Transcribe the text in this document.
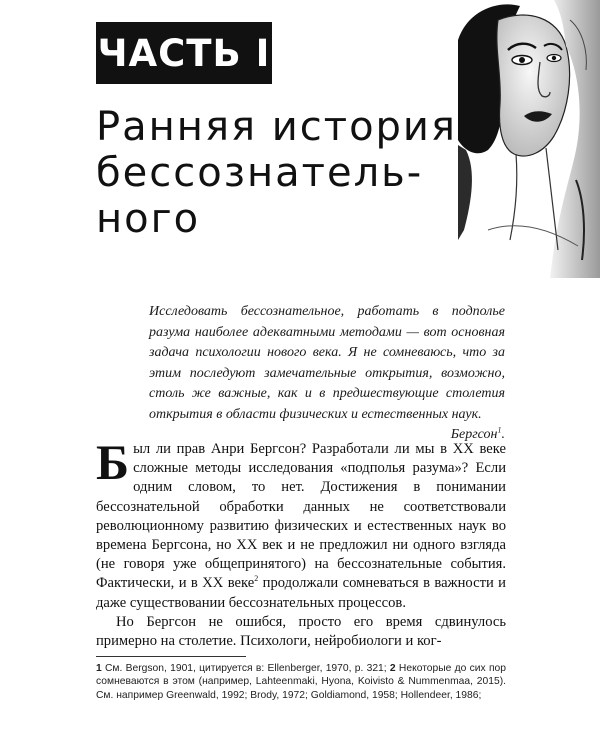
ЧАСТЬ I
Ранняя история
бессознатель-
ного

Исследовать бессознательное, работать в подполье разума наиболее адекватными методами — вот основная задача психологии нового века. Я не сомневаюсь, что за этим последуют замечательные открытия, возможно, столь же важные, как и в предшествующие столетия открытия в области физических и естественных наук.

Бергсон$^1$.

Был ли прав Анри Бергсон? Разработали ли мы в XX веке сложные методы исследования «подполья разума»? Если одним словом, то нет. Достижения в понимании бессознательной обработки данных не соответствовали революционному развитию физических и естественных наук во времена Бергсона, но XX век и не предложил ни одного взгляда (не говоря уже общепринятого) на бессознательные события. Фактически, и в XX веке$^2$ продолжали сомневаться в важности и даже существовании бессознательных процессов.

Но Бергсон не ошибся, просто его время сдвинулось примерно на столетие. Психологи, нейробиологи и ког-

1 См. Bergson, 1901, цитируется в: Ellenberger, 1970, p. 321; 2 Некоторые до сих пор сомневаются в этом (например, Lahteenmaki, Hyona, Koivisto & Nummenmaa, 2015). См. например Greenwald, 1992; Brody, 1972; Goldiamond, 1958; Hollendeer, 1986;
